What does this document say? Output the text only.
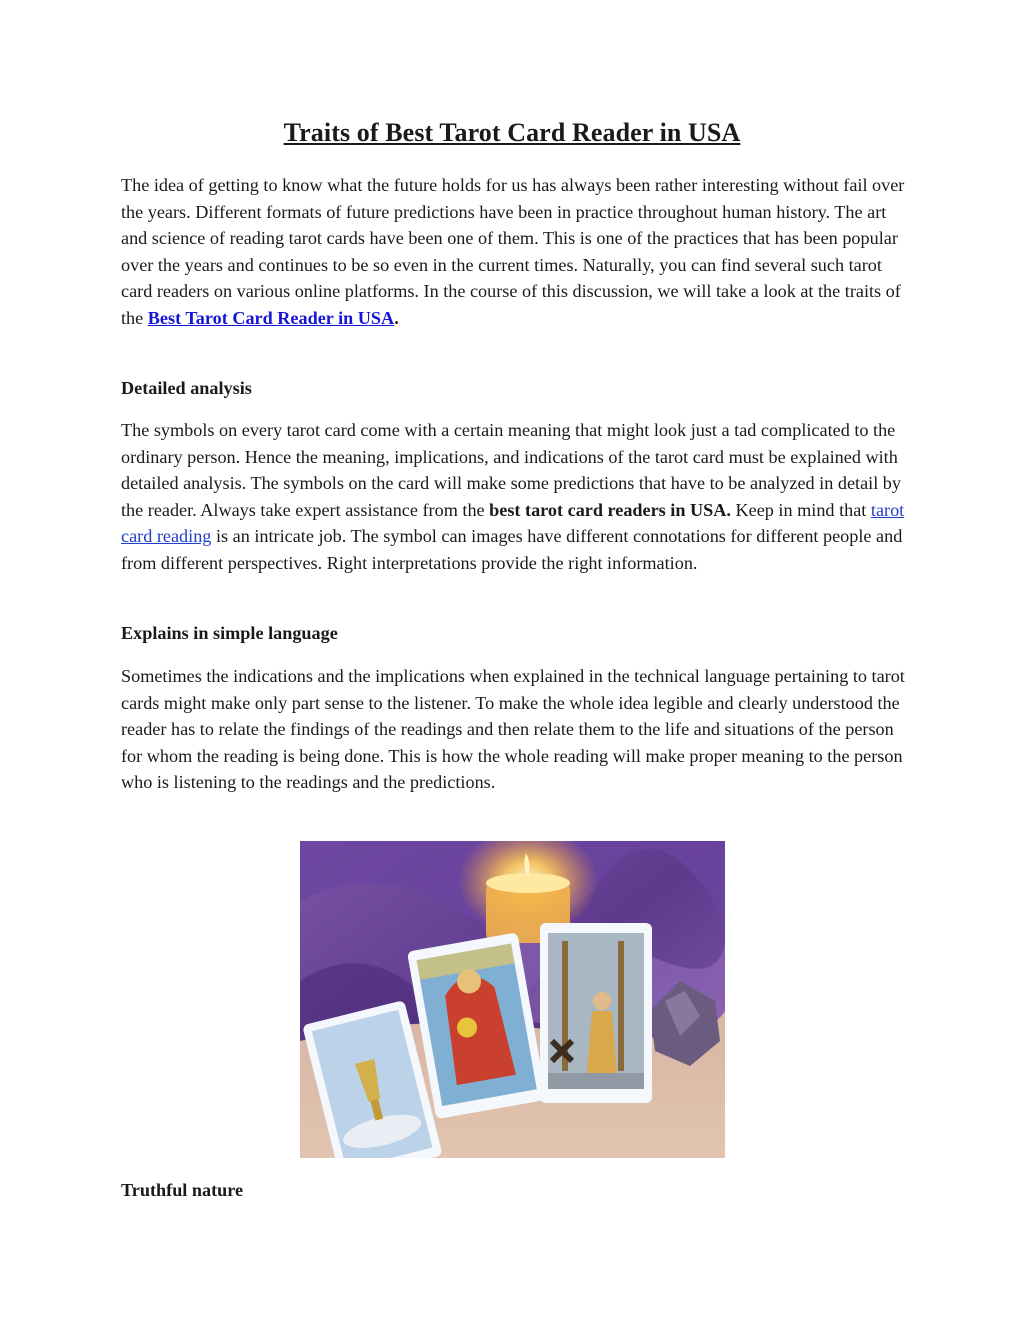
Traits of Best Tarot Card Reader in USA

The idea of getting to know what the future holds for us has always been rather interesting without fail over the years. Different formats of future predictions have been in practice throughout human history. The art and science of reading tarot cards have been one of them. This is one of the practices that has been popular over the years and continues to be so even in the current times. Naturally, you can find several such tarot card readers on various online platforms. In the course of this discussion, we will take a look at the traits of the Best Tarot Card Reader in USA.

Detailed analysis

The symbols on every tarot card come with a certain meaning that might look just a tad complicated to the ordinary person. Hence the meaning, implications, and indications of the tarot card must be explained with detailed analysis. The symbols on the card will make some predictions that have to be analyzed in detail by the reader. Always take expert assistance from the best tarot card readers in USA. Keep in mind that tarot card reading is an intricate job. The symbol can images have different connotations for different people and from different perspectives. Right interpretations provide the right information.

Explains in simple language

Sometimes the indications and the implications when explained in the technical language pertaining to tarot cards might make only part sense to the listener. To make the whole idea legible and clearly understood the reader has to relate the findings of the readings and then relate them to the life and situations of the person for whom the reading is being done. This is how the whole reading will make proper meaning to the person who is listening to the readings and the predictions.

Truthful nature
